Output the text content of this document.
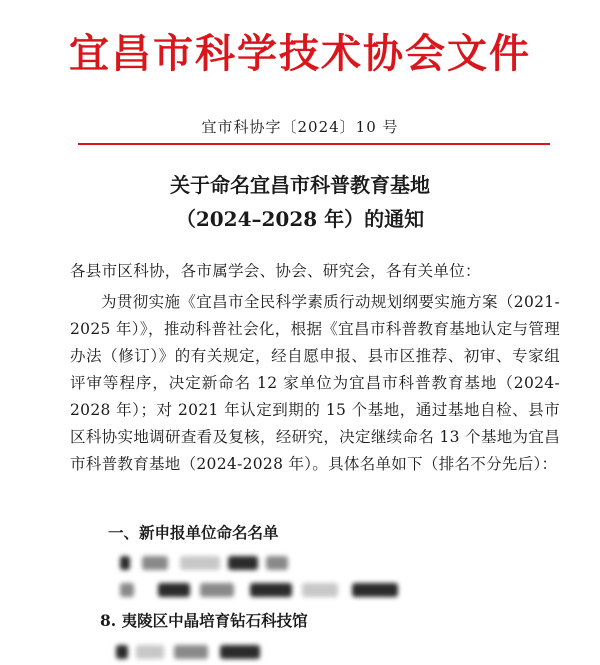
宜昌市科学技术协会文件
宜市科协字〔2024〕10 号
关于命名宜昌市科普教育基地
（2024–2028 年）的通知

各县市区科协，各市属学会、协会、研究会，各有关单位：

为贯彻实施《宜昌市全民科学素质行动规划纲要实施方案（2021-2025 年）》，推动科普社会化，根据《宜昌市科普教育基地认定与管理办法（修订）》的有关规定，经自愿申报、县市区推荐、初审、专家组评审等程序，决定新命名 12 家单位为宜昌市科普教育基地（2024-2028 年）；对 2021 年认定到期的 15 个基地，通过基地自检、县市区科协实地调研查看及复核，经研究，决定继续命名 13 个基地为宜昌市科普教育基地（2024-2028 年）。具体名单如下（排名不分先后）：

一、新申报单位命名名单
8. 夷陵区中晶培育钻石科技馆
